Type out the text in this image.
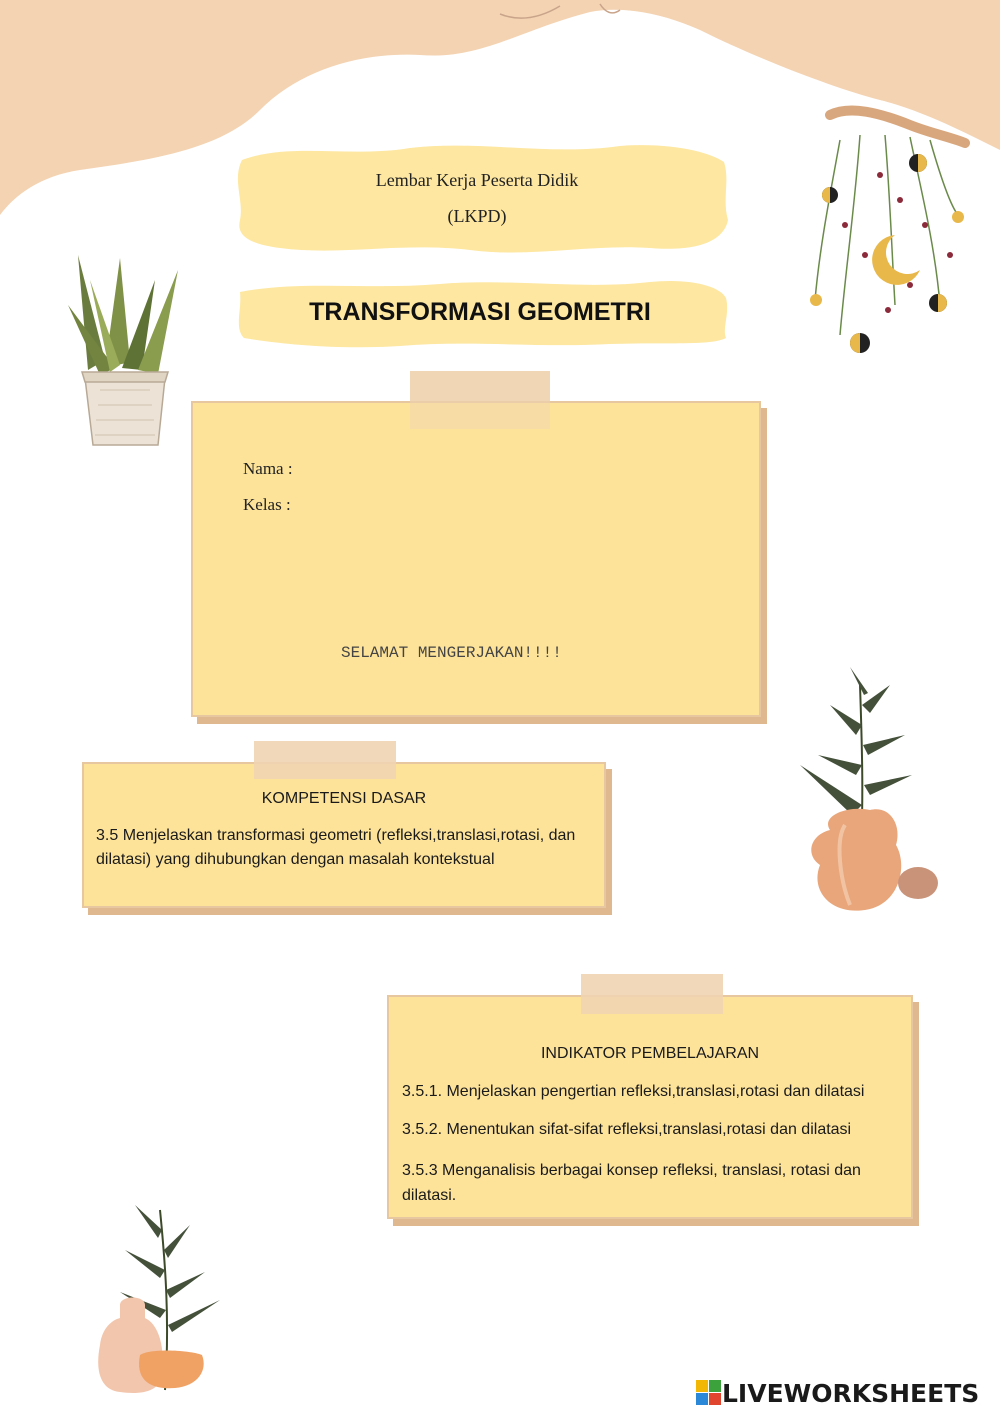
Lembar Kerja Peserta Didik
(LKPD)
TRANSFORMASI GEOMETRI
Nama :
Kelas :
SELAMAT MENGERJAKAN!!!!
KOMPETENSI DASAR
3.5 Menjelaskan transformasi geometri (refleksi,translasi,rotasi, dan dilatasi) yang dihubungkan dengan masalah kontekstual
INDIKATOR PEMBELAJARAN
3.5.1. Menjelaskan pengertian refleksi,translasi,rotasi dan dilatasi
3.5.2. Menentukan sifat-sifat refleksi,translasi,rotasi dan dilatasi
3.5.3 Menganalisis berbagai konsep refleksi, translasi, rotasi dan dilatasi.
LIVEWORKSHEETS
